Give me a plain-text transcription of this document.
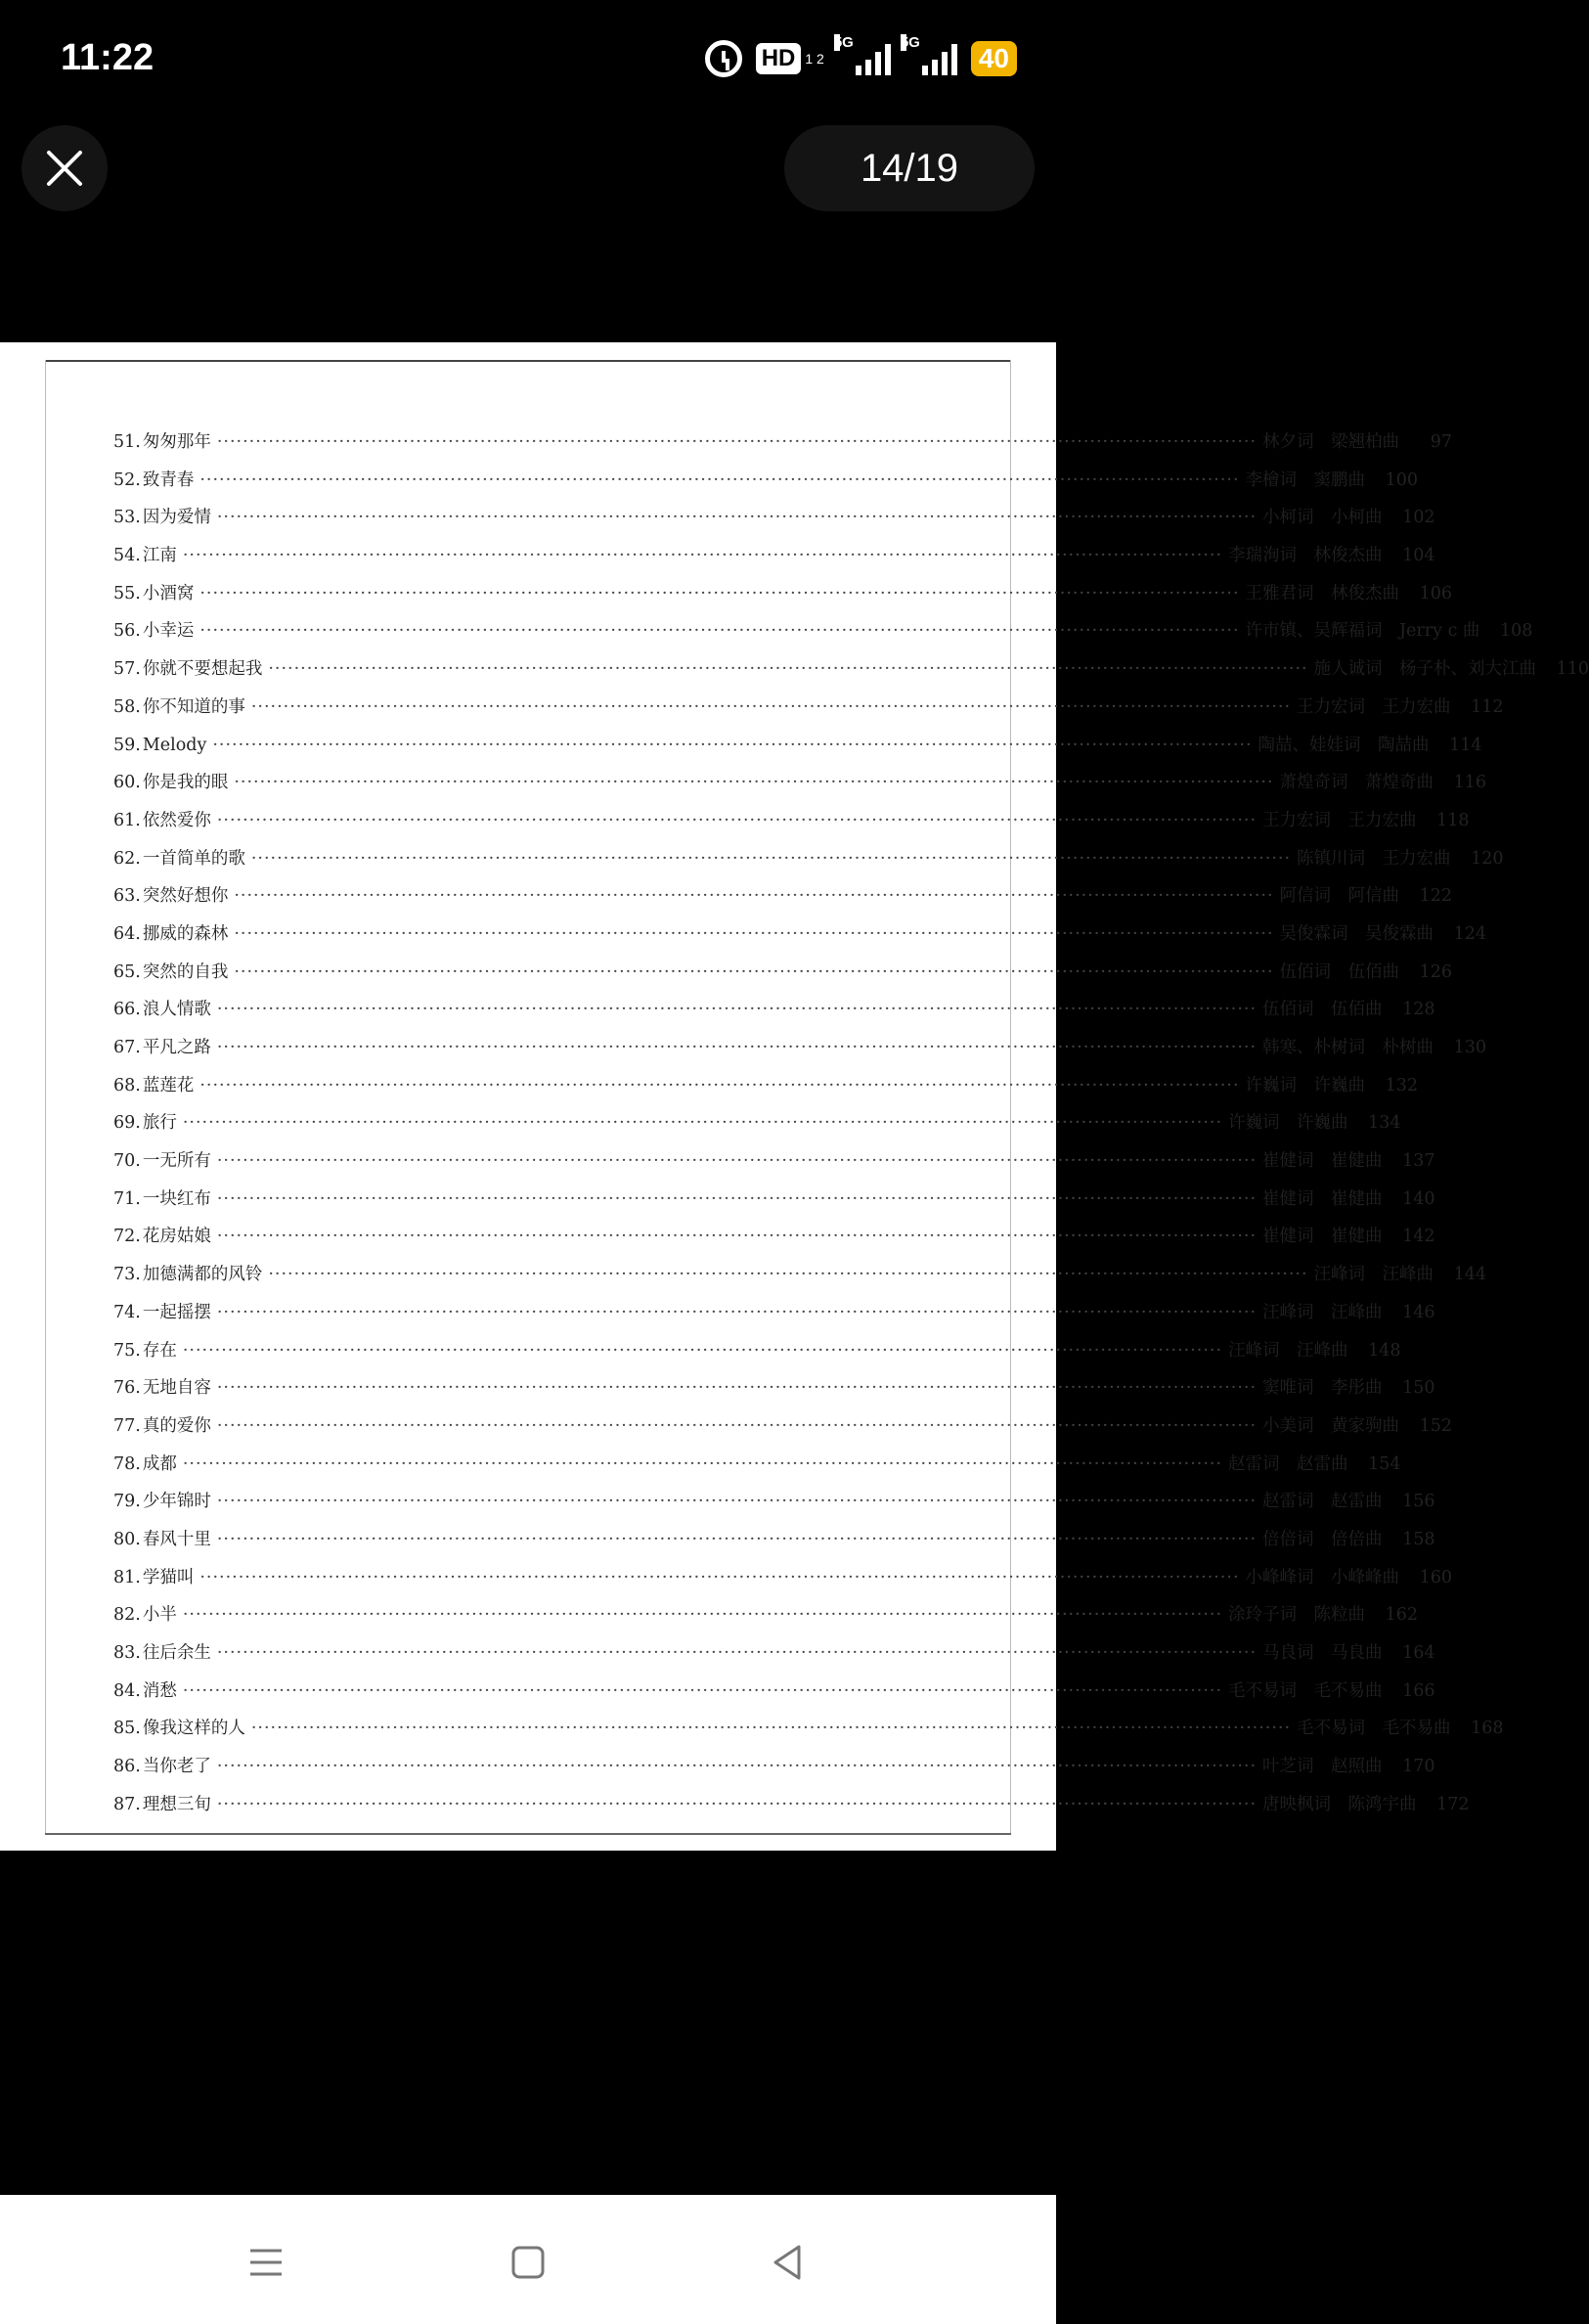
11:22	HD 1 2
5G	5G
40
14/19
51. 匆匆那年 ·····	林夕词　梁翘柏曲	97
52. 致青春 ·····	李檜词　窦鹏曲	100
53. 因为爱情 ·····	小柯词　小柯曲	102
54. 江南 ·····	李瑞洵词　林俊杰曲	104
55. 小酒窝 ·····	王雅君词　林俊杰曲	106
56. 小幸运 ·····	许市镇、吴辉福词　Jerry c 曲	108
57. 你就不要想起我 ·····	施人诚词　杨子朴、刘大江曲	110
58. 你不知道的事 ·····	王力宏词　王力宏曲	112
59. Melody ·····	陶喆、娃娃词　陶喆曲	114
60. 你是我的眼 ·····	萧煌奇词　萧煌奇曲	116
61. 依然爱你 ·····	王力宏词　王力宏曲	118
62. 一首简单的歌 ·····	陈镇川词　王力宏曲	120
63. 突然好想你 ·····	阿信词　阿信曲	122
64. 挪威的森林 ·····	吴俊霖词　吴俊霖曲	124
65. 突然的自我 ·····	伍佰词　伍佰曲	126
66. 浪人情歌 ·····	伍佰词　伍佰曲	128
67. 平凡之路 ·····	韩寒、朴树词　朴树曲	130
68. 蓝莲花 ·····	许巍词　许巍曲	132
69. 旅行 ·····	许巍词　许巍曲	134
70. 一无所有 ·····	崔健词　崔健曲	137
71. 一块红布 ·····	崔健词　崔健曲	140
72. 花房姑娘 ·····	崔健词　崔健曲	142
73. 加德满都的风铃 ·····	汪峰词　汪峰曲	144
74. 一起摇摆 ·····	汪峰词　汪峰曲	146
75. 存在 ·····	汪峰词　汪峰曲	148
76. 无地自容 ·····	窦唯词　李彤曲	150
77. 真的爱你 ·····	小美词　黄家驹曲	152
78. 成都 ·····	赵雷词　赵雷曲	154
79. 少年锦时 ·····	赵雷词　赵雷曲	156
80. 春风十里 ·····	倍倍词　倍倍曲	158
81. 学猫叫 ·····	小峰峰词　小峰峰曲	160
82. 小半 ·····	涂玲子词　陈粒曲	162
83. 往后余生 ·····	马良词　马良曲	164
84. 消愁 ·····	毛不易词　毛不易曲	166
85. 像我这样的人 ·····	毛不易词　毛不易曲	168
86. 当你老了 ·····	叶芝词　赵照曲	170
87. 理想三旬 ·····	唐映枫词　陈鸿宇曲	172
